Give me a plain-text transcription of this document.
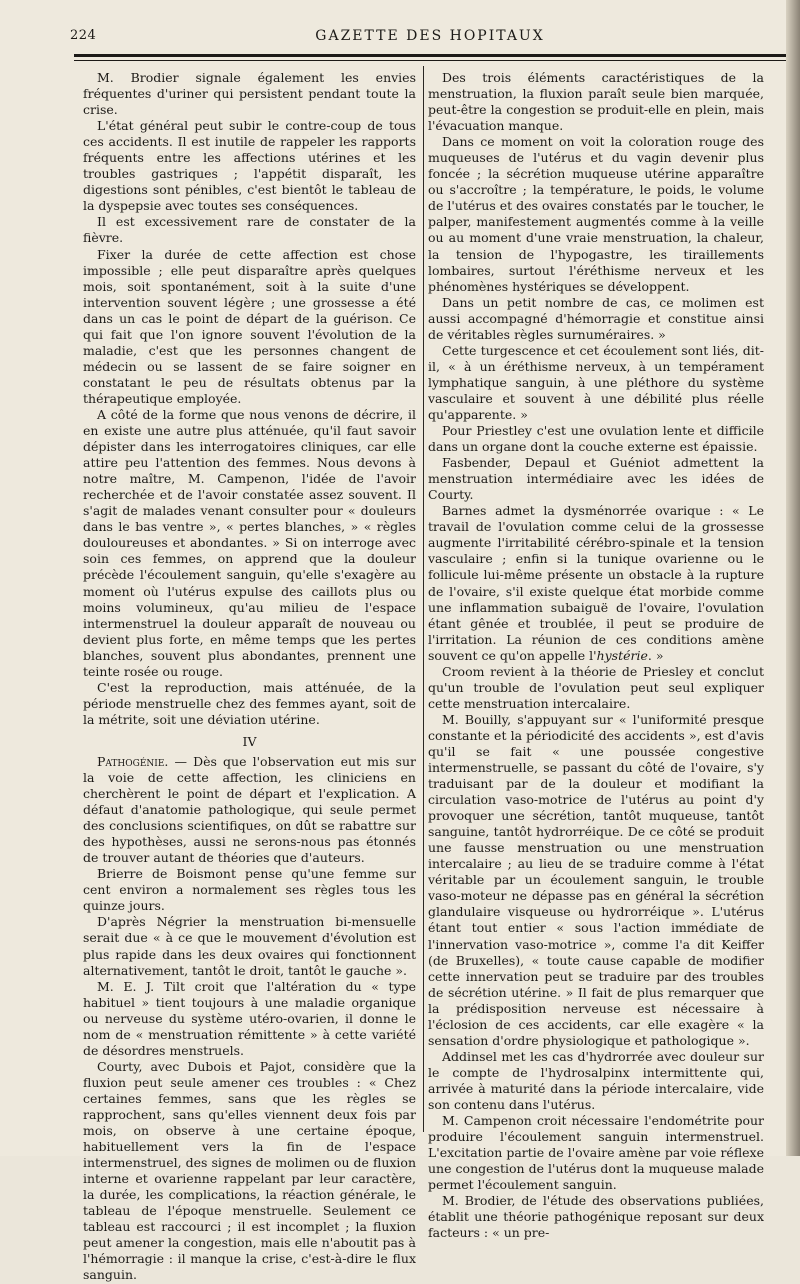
224	GAZETTE DES HOPITAUX

M. Brodier signale également les envies fréquentes d'uriner qui persistent pendant toute la crise.

L'état général peut subir le contre-coup de tous ces accidents. Il est inutile de rappeler les rapports fréquents entre les affections utérines et les troubles gastriques ; l'appétit disparaît, les digestions sont pénibles, c'est bientôt le tableau de la dyspepsie avec toutes ses conséquences.

Il est excessivement rare de constater de la fièvre.

Fixer la durée de cette affection est chose impossible ; elle peut disparaître après quelques mois, soit spontanément, soit à la suite d'une intervention souvent légère ; une grossesse a été dans un cas le point de départ de la guérison. Ce qui fait que l'on ignore souvent l'évolution de la maladie, c'est que les personnes changent de médecin ou se lassent de se faire soigner en constatant le peu de résultats obtenus par la thérapeutique employée.

A côté de la forme que nous venons de décrire, il en existe une autre plus atténuée, qu'il faut savoir dépister dans les interrogatoires cliniques, car elle attire peu l'attention des femmes. Nous devons à notre maître, M. Campenon, l'idée de l'avoir recherchée et de l'avoir constatée assez souvent. Il s'agit de malades venant consulter pour « douleurs dans le bas ventre », « pertes blanches, » « règles douloureuses et abondantes. » Si on interroge avec soin ces femmes, on apprend que la douleur précède l'écoulement sanguin, qu'elle s'exagère au moment où l'utérus expulse des caillots plus ou moins volumineux, qu'au milieu de l'espace intermenstruel la douleur apparaît de nouveau ou devient plus forte, en même temps que les pertes blanches, souvent plus abondantes, prennent une teinte rosée ou rouge.

C'est la reproduction, mais atténuée, de la période menstruelle chez des femmes ayant, soit de la métrite, soit une déviation utérine.

IV

Pathogénie. — Dès que l'observation eut mis sur la voie de cette affection, les cliniciens en cherchèrent le point de départ et l'explication. A défaut d'anatomie pathologique, qui seule permet des conclusions scientifiques, on dût se rabattre sur des hypothèses, aussi ne serons-nous pas étonnés de trouver autant de théories que d'auteurs.

Brierre de Boismont pense qu'une femme sur cent environ a normalement ses règles tous les quinze jours.

D'après Négrier la menstruation bi-mensuelle serait due « à ce que le mouvement d'évolution est plus rapide dans les deux ovaires qui fonctionnent alternativement, tantôt le droit, tantôt le gauche ».

M. E. J. Tilt croit que l'altération du « type habituel » tient toujours à une maladie organique ou nerveuse du système utéro-ovarien, il donne le nom de « menstruation rémittente » à cette variété de désordres menstruels.

Courty, avec Dubois et Pajot, considère que la fluxion peut seule amener ces troubles : « Chez certaines femmes, sans que les règles se rapprochent, sans qu'elles viennent deux fois par mois, on observe à une certaine époque, habituellement vers la fin de l'espace intermenstruel, des signes de molimen ou de fluxion interne et ovarienne rappelant par leur caractère, la durée, les complications, la réaction générale, le tableau de l'époque menstruelle. Seulement ce tableau est raccourci ; il est incomplet ; la fluxion peut amener la congestion, mais elle n'aboutit pas à l'hémorragie : il manque la crise, c'est-à-dire le flux sanguin.

Des trois éléments caractéristiques de la menstruation, la fluxion paraît seule bien marquée, peut-être la congestion se produit-elle en plein, mais l'évacuation manque.

Dans ce moment on voit la coloration rouge des muqueuses de l'utérus et du vagin devenir plus foncée ; la sécrétion muqueuse utérine apparaître ou s'accroître ; la température, le poids, le volume de l'utérus et des ovaires constatés par le toucher, le palper, manifestement augmentés comme à la veille ou au moment d'une vraie menstruation, la chaleur, la tension de l'hypogastre, les tiraillements lombaires, surtout l'éréthisme nerveux et les phénomènes hystériques se développent.

Dans un petit nombre de cas, ce molimen est aussi accompagné d'hémorragie et constitue ainsi de véritables règles surnuméraires. »

Cette turgescence et cet écoulement sont liés, dit-il, « à un éréthisme nerveux, à un tempérament lymphatique sanguin, à une pléthore du système vasculaire et souvent à une débilité plus réelle qu'apparente. »

Pour Priestley c'est une ovulation lente et difficile dans un organe dont la couche externe est épaissie.

Fasbender, Depaul et Guéniot admettent la menstruation intermédiaire avec les idées de Courty.

Barnes admet la dysménorrée ovarique : « Le travail de l'ovulation comme celui de la grossesse augmente l'irritabilité cérébro-spinale et la tension vasculaire ; enfin si la tunique ovarienne ou le follicule lui-même présente un obstacle à la rupture de l'ovaire, s'il existe quelque état morbide comme une inflammation subaiguë de l'ovaire, l'ovulation étant gênée et troublée, il peut se produire de l'irritation. La réunion de ces conditions amène souvent ce qu'on appelle l'hystérie. »

Croom revient à la théorie de Priesley et conclut qu'un trouble de l'ovulation peut seul expliquer cette menstruation intercalaire.

M. Bouilly, s'appuyant sur « l'uniformité presque constante et la périodicité des accidents », est d'avis qu'il se fait « une poussée congestive intermenstruelle, se passant du côté de l'ovaire, s'y traduisant par de la douleur et modifiant la circulation vaso-motrice de l'utérus au point d'y provoquer une sécrétion, tantôt muqueuse, tantôt sanguine, tantôt hydrorréique. De ce côté se produit une fausse menstruation ou une menstruation intercalaire ; au lieu de se traduire comme à l'état véritable par un écoulement sanguin, le trouble vaso-moteur ne dépasse pas en général la sécrétion glandulaire visqueuse ou hydrorréique ». L'utérus étant tout entier « sous l'action immédiate de l'innervation vaso-motrice », comme l'a dit Keiffer (de Bruxelles), « toute cause capable de modifier cette innervation peut se traduire par des troubles de sécrétion utérine. » Il fait de plus remarquer que la prédisposition nerveuse est nécessaire à l'éclosion de ces accidents, car elle exagère « la sensation d'ordre physiologique et pathologique ».

Addinsel met les cas d'hydrorrée avec douleur sur le compte de l'hydrosalpinx intermittente qui, arrivée à maturité dans la période intercalaire, vide son contenu dans l'utérus.

M. Campenon croit nécessaire l'endométrite pour produire l'écoulement sanguin intermenstruel. L'excitation partie de l'ovaire amène par voie réflexe une congestion de l'utérus dont la muqueuse malade permet l'écoulement sanguin.

M. Brodier, de l'étude des observations publiées, établit une théorie pathogénique reposant sur deux facteurs : « un pre-
